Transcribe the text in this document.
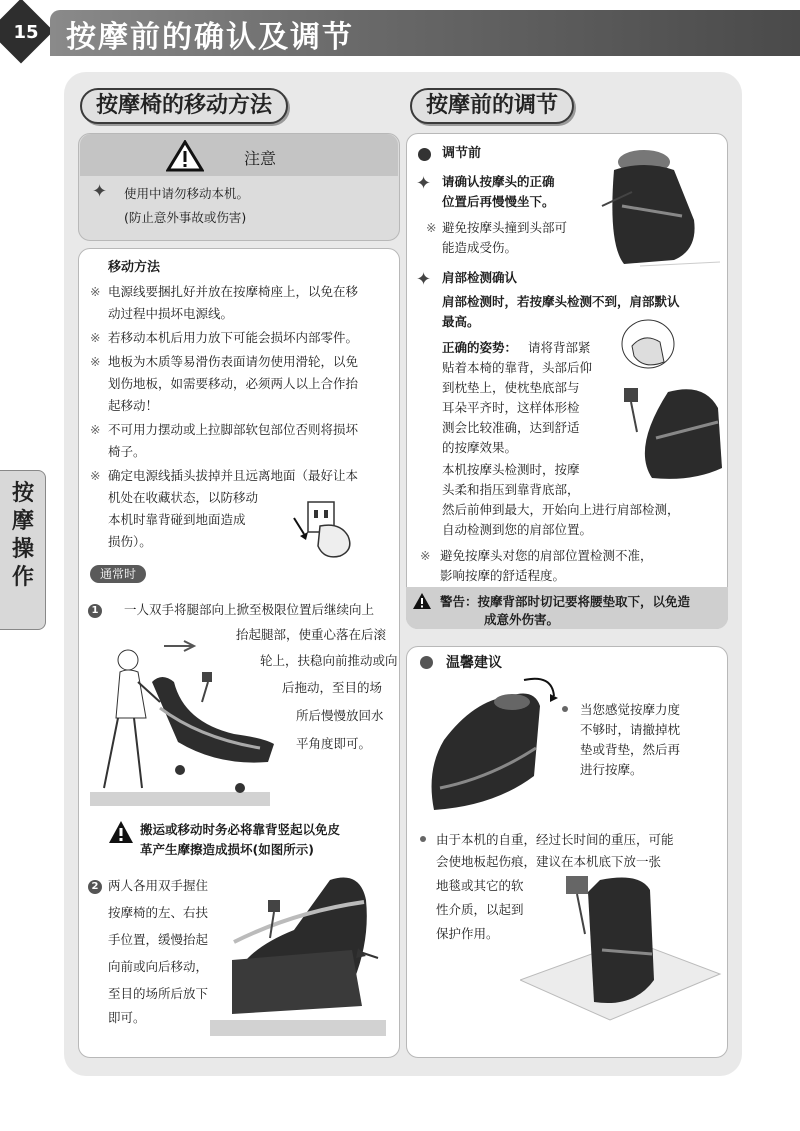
15 按摩前的确认及调节
按摩操作
按摩椅的移动方法
注意
✦ 使用中请勿移动本机。
(防止意外事故或伤害)
移动方法
※ 电源线要捆扎好并放在按摩椅座上，以免在移
动过程中损坏电源线。
※ 若移动本机后用力放下可能会损坏内部零件。
※ 地板为木质等易滑伤表面请勿使用滑轮，以免
划伤地板，如需要移动，必须两人以上合作抬
起移动！
※ 不可用力摆动或上拉脚部软包部位否则将损坏
椅子。
※ 确定电源线插头拔掉并且远离地面（最好让本
机处在收藏状态，以防移动
本机时靠背碰到地面造成
损伤）。
通常时
1 一人双手将腿部向上掀至极限位置后继续向上
抬起腿部，使重心落在后滚
轮上，扶稳向前推动或向
后拖动，至目的场
所后慢慢放回水
平角度即可。
搬运或移动时务必将靠背竖起以免皮
革产生摩擦造成损坏(如图所示)
2 两人各用双手握住
按摩椅的左、右扶
手位置，缓慢抬起
向前或向后移动，
至目的场所后放下
即可。
按摩前的调节
调节前
✦ 请确认按摩头的正确
位置后再慢慢坐下。
※ 避免按摩头撞到头部可
能造成受伤。
✦ 肩部检测确认
肩部检测时，若按摩头检测不到，肩部默认
最高。
正确的姿势： 请将背部紧
贴着本椅的靠背，头部后仰
到枕垫上，使枕垫底部与
耳朵平齐时，这样体形检
测会比较准确，达到舒适
的按摩效果。
本机按摩头检测时，按摩
头柔和指压到靠背底部，
然后前伸到最大，开始向上进行肩部检测，
自动检测到您的肩部位置。
※ 避免按摩头对您的肩部位置检测不准，
影响按摩的舒适程度。
警告：按摩背部时切记要将腰垫取下，以免造
成意外伤害。
温馨建议
当您感觉按摩力度
不够时，请撤掉枕
垫或背垫，然后再
进行按摩。
由于本机的自重，经过长时间的重压，可能
会使地板起伤痕，建议在本机底下放一张
地毯或其它的软
性介质，以起到
保护作用。
